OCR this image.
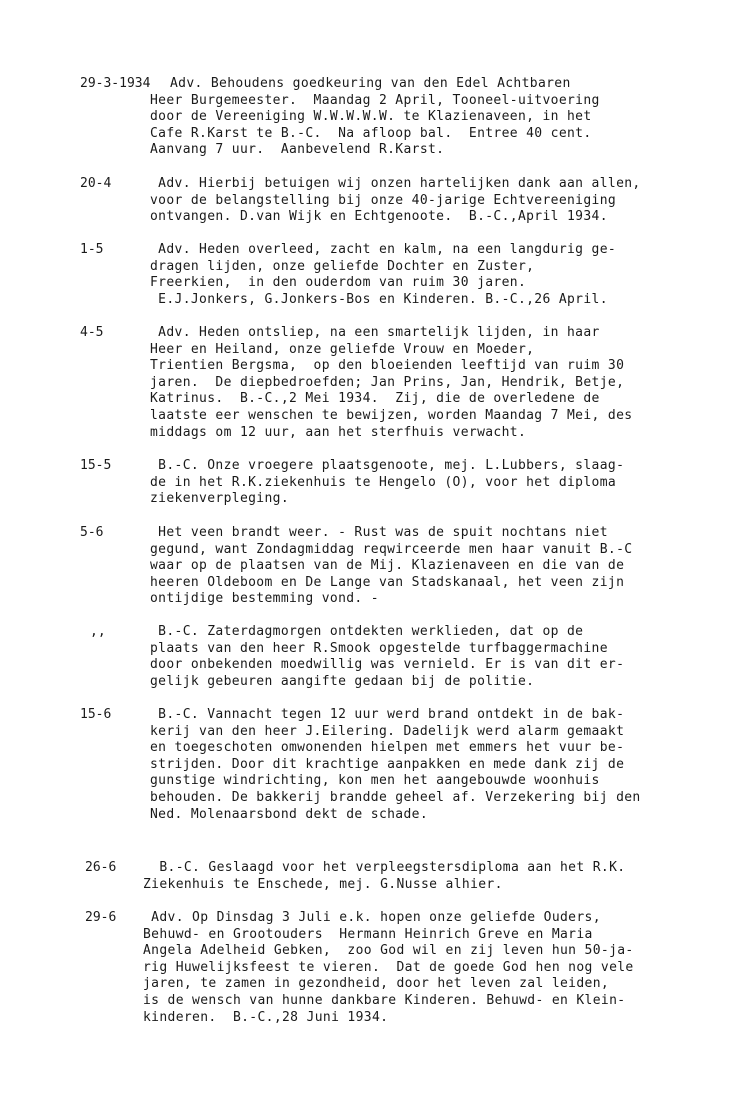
29-3-1934 Adv. Behoudens goedkeuring van den Edel Achtbaren
Heer Burgemeester.  Maandag 2 April, Tooneel-uitvoering
door de Vereeniging W.W.W.W.W. te Klazienaveen, in het
Cafe R.Karst te B.-C.  Na afloop bal.  Entree 40 cent.
Aanvang 7 uur.  Aanbevelend R.Karst.
20-4	Adv. Hierbij betuigen wij onzen hartelijken dank aan allen,
voor de belangstelling bij onze 40-jarige Echtvereeniging
ontvangen. D.van Wijk en Echtgenoote.  B.-C.,April 1934.
1-5	Adv. Heden overleed, zacht en kalm, na een langdurig ge-
dragen lijden, onze geliefde Dochter en Zuster,
Freerkien,  in den ouderdom van ruim 30 jaren.
E.J.Jonkers, G.Jonkers-Bos en Kinderen. B.-C.,26 April.
4-5	Adv. Heden ontsliep, na een smartelijk lijden, in haar
Heer en Heiland, onze geliefde Vrouw en Moeder,
Trientien Bergsma,  op den bloeienden leeftijd van ruim 30
jaren.  De diepbedroefden; Jan Prins, Jan, Hendrik, Betje,
Katrinus.  B.-C.,2 Mei 1934.  Zij, die de overledene de
laatste eer wenschen te bewijzen, worden Maandag 7 Mei, des
middags om 12 uur, aan het sterfhuis verwacht.
15-5	B.-C. Onze vroegere plaatsgenoote, mej. L.Lubbers, slaag-
de in het R.K.ziekenhuis te Hengelo (O), voor het diploma
ziekenverpleging.
5-6	Het veen brandt weer. - Rust was de spuit nochtans niet
gegund, want Zondagmiddag reqwirceerde men haar vanuit B.-C
waar op de plaatsen van de Mij. Klazienaveen en die van de
heeren Oldeboom en De Lange van Stadskanaal, het veen zijn
ontijdige bestemming vond. -
,,	B.-C. Zaterdagmorgen ontdekten werklieden, dat op de
plaats van den heer R.Smook opgestelde turfbaggermachine
door onbekenden moedwillig was vernield. Er is van dit er-
gelijk gebeuren aangifte gedaan bij de politie.
15-6	B.-C. Vannacht tegen 12 uur werd brand ontdekt in de bak-
kerij van den heer J.Eilering. Dadelijk werd alarm gemaakt
en toegeschoten omwonenden hielpen met emmers het vuur be-
strijden. Door dit krachtige aanpakken en mede dank zij de
gunstige windrichting, kon men het aangebouwde woonhuis
behouden. De bakkerij brandde geheel af. Verzekering bij den
Ned. Molenaarsbond dekt de schade.
26-6 B.-C. Geslaagd voor het verpleegstersdiploma aan het R.K.
Ziekenhuis te Enschede, mej. G.Nusse alhier.
29-6 Adv. Op Dinsdag 3 Juli e.k. hopen onze geliefde Ouders,
Behuwd- en Grootouders  Hermann Heinrich Greve en Maria
Angela Adelheid Gebken,  zoo God wil en zij leven hun 50-ja-
rig Huwelijksfeest te vieren.  Dat de goede God hen nog vele
jaren, te zamen in gezondheid, door het leven zal leiden,
is de wensch van hunne dankbare Kinderen. Behuwd- en Klein-
kinderen.  B.-C.,28 Juni 1934.
